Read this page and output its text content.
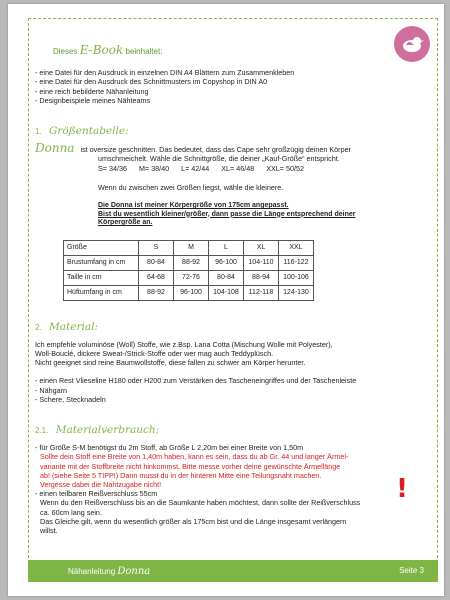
Dieses E-Book beinhaltet:
- eine Datei für den Ausdruck in einzelnen DIN A4 Blättern zum Zusammenkleben
- eine Datei für den Ausdruck des Schnittmusters im Copyshop in DIN A0
- eine reich bebilderte Nähanleitung
- Designbeispiele meines Nähteams
1. Größentabelle:
Donna ist oversize geschnitten. Das bedeutet, dass das Cape sehr großzügig deinen Körper
umschmeichelt. Wähle die Schnittgröße, die deiner „Kauf-Größe“ entspricht.
S= 34/36      M= 38/40      L= 42/44      XL= 46/48      XXL= 50/52
Wenn du zwischen zwei Größen liegst, wähle die kleinere.
Die Donna ist meiner Körpergröße von 175cm angepasst.
Bist du wesentlich kleiner/größer, dann passe die Länge entsprechend deiner
Körpergröße an.
Größe	S	M	L	XL	XXL
Brustumfang in cm	80-84	88-92	96-100	104-110	116-122
Taille in cm	64-68	72-76	80-84	88-94	100-106
Hüftumfang in cm	88-92	96-100	104-108	112-118	124-130
2. Material:

Ich empfehle voluminöse (Woll) Stoffe, wie z.Bsp. Lana Cotta (Mischung Wolle mit Polyester),

Woll-Bouclé, dickere Sweat-/Strick-Stoffe oder wer mag auch Teddyplüsch.

Nicht geeignet sind reine Baumwollstoffe, diese fallen zu schwer am Körper herunter.

- einen Rest Vlieseline H180 oder H200 zum Verstärken des Tascheneingriffes und der Taschenleiste

- Nähgarn

- Schere, Stecknadeln

2.1. Materialverbrauch:

- für Größe S-M benötigst du 2m Stoff, ab Größe L 2,20m bei einer Breite von 1,50m

Sollte dein Stoff eine Breite von 1,40m haben, kann es sein, dass du ab Gr. 44 und langer Ärmel-

variante mit der Stoffbreite nicht hinkommst. Bitte messe vorher deine gewünschte Ärmellänge

ab! (siehe Seite 5 TIPP!) Dann musst du in der hinteren Mitte eine Teilungsnaht machen.

Vergesse dabei die Nahtzugabe nicht!

- einen teilbaren Reißverschluss 55cm

Wenn du den Reißverschluss bis an die Saumkante haben möchtest, dann sollte der Reißverschluss

ca. 60cm lang sein.

Das Gleiche gilt, wenn du wesentlich größer als 175cm bist und die Länge insgesamt verlängern

willst.

!
Nähanleitung Donna	Seite 3
